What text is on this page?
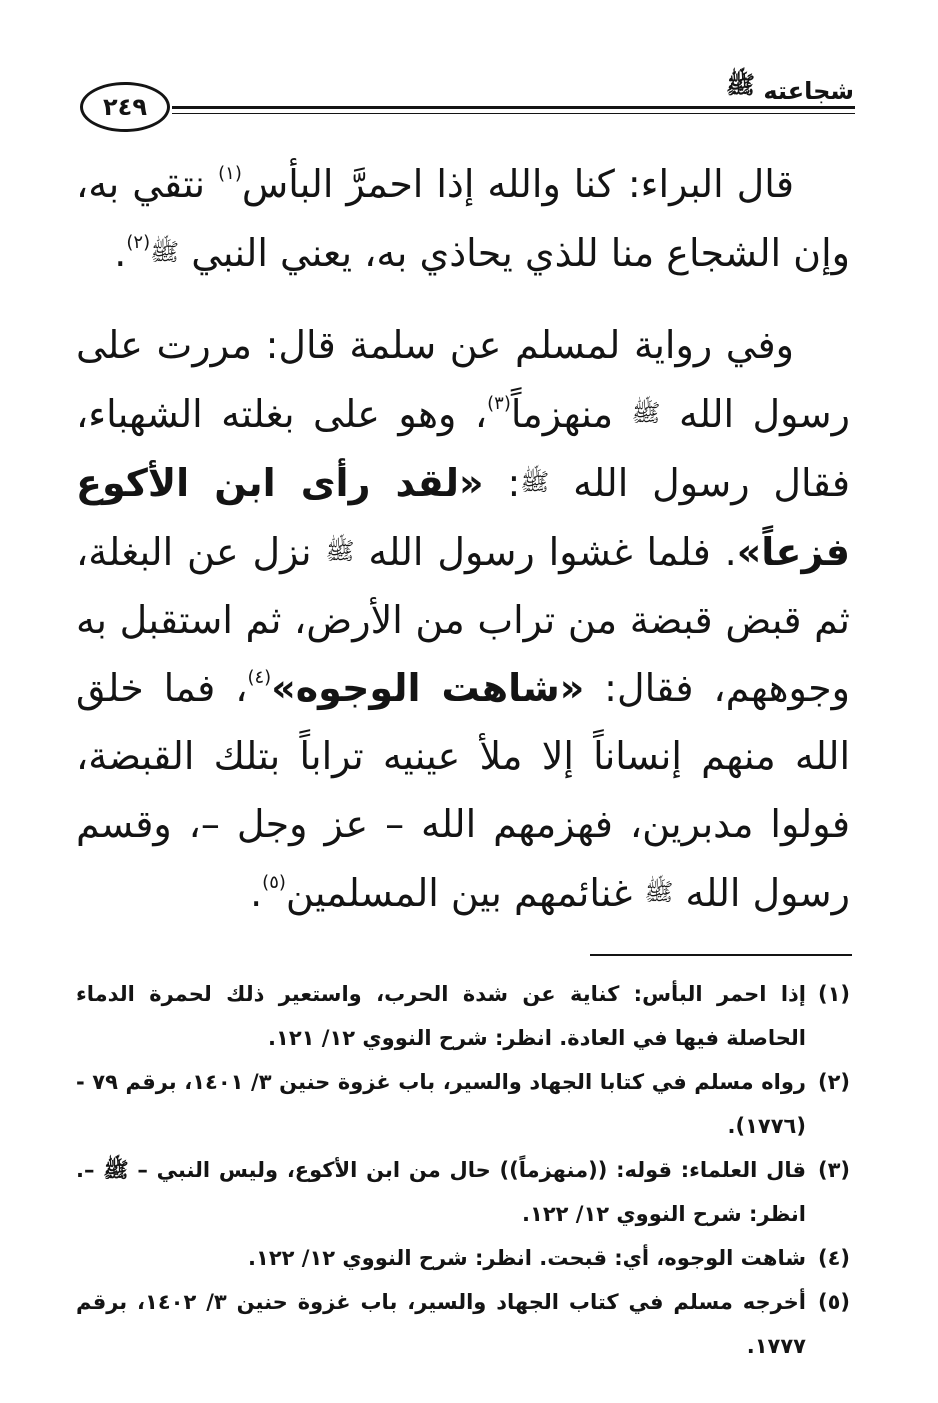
٢٤٩
شجاعته ﷺ

قال البراء: كنا والله إذا احمرَّ البأس$^{(١)}$ نتقي به، وإن الشجاع منا للذي يحاذي به، يعني النبي ﷺ$^{(٢)}$.

وفي رواية لمسلم عن سلمة قال: مررت على رسول الله ﷺ منهزماً$^{(٣)}$، وهو على بغلته الشهباء، فقال رسول الله ﷺ: «لقد رأى ابن الأكوع فزعاً». فلما غشوا رسول الله ﷺ نزل عن البغلة، ثم قبض قبضة من تراب من الأرض، ثم استقبل به وجوههم، فقال: «شاهت الوجوه»$^{(٤)}$، فما خلق الله منهم إنساناً إلا ملأ عينيه تراباً بتلك القبضة، فولوا مدبرين، فهزمهم الله – عز وجل –، وقسم رسول الله ﷺ غنائمهم بين المسلمين$^{(٥)}$.

(١)
إذا احمر البأس: كناية عن شدة الحرب، واستعير ذلك لحمرة الدماء الحاصلة فيها في العادة. انظر: شرح النووي ١٢/ ١٢١.
(٢)
رواه مسلم في كتابا الجهاد والسير، باب غزوة حنين ٣/ ١٤٠١، برقم ٧٩ -(١٧٧٦).
(٣)
قال العلماء: قوله: ((منهزماً)) حال من ابن الأكوع، وليس النبي – ﷺ –. انظر: شرح النووي ١٢/ ١٢٢.
(٤)
شاهت الوجوه، أي: قبحت. انظر: شرح النووي ١٢/ ١٢٢.
(٥)
أخرجه مسلم في كتاب الجهاد والسير، باب غزوة حنين ٣/ ١٤٠٢، برقم ١٧٧٧.
